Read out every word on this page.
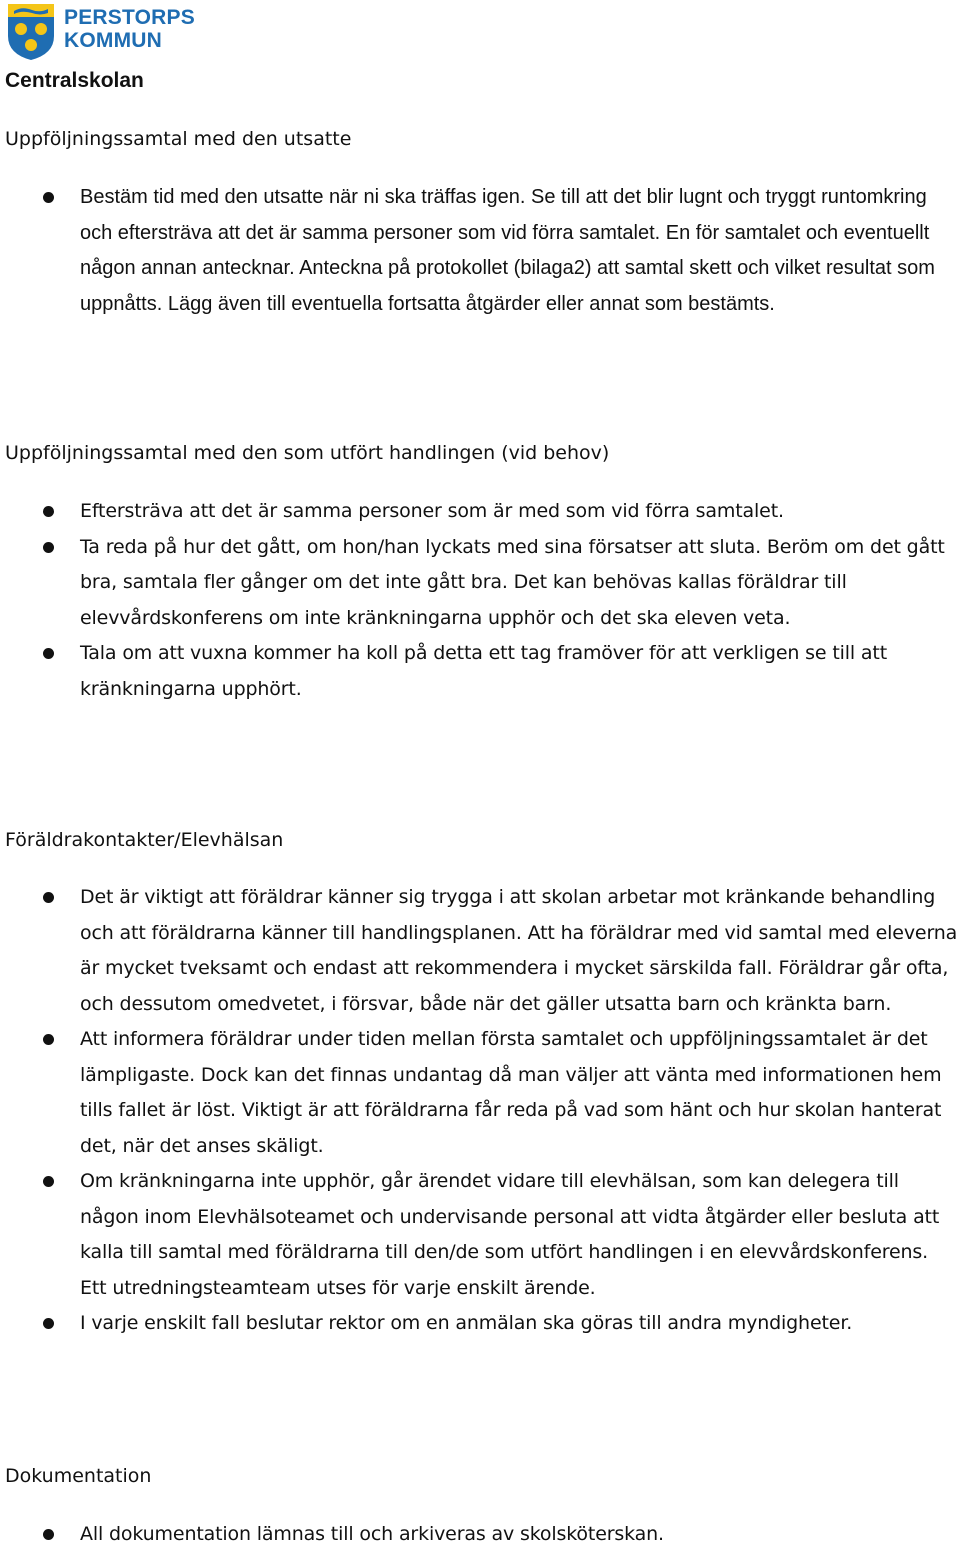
PERSTORPS
KOMMUN
Centralskolan
Uppföljningssamtal med den utsatte
Bestäm tid med den utsatte när ni ska träffas igen. Se till att det blir lugnt och tryggt runtomkring och eftersträva att det är samma personer som vid förra samtalet. En för samtalet och eventuellt någon annan antecknar. Anteckna på protokollet (bilaga2) att samtal skett och vilket resultat som uppnåtts. Lägg även till eventuella fortsatta åtgärder eller annat som bestämts.
Uppföljningssamtal med den som utfört handlingen (vid behov)
Eftersträva att det är samma personer som är med som vid förra samtalet.
Ta reda på hur det gått, om hon/han lyckats med sina försatser att sluta. Beröm om det gått bra, samtala fler gånger om det inte gått bra. Det kan behövas kallas föräldrar till elevvårdskonferens om inte kränkningarna upphör och det ska eleven veta.
Tala om att vuxna kommer ha koll på detta ett tag framöver för att verkligen se till att kränkningarna upphört.
Föräldrakontakter/Elevhälsan
Det är viktigt att föräldrar känner sig trygga i att skolan arbetar mot kränkande behandling och att föräldrarna känner till handlingsplanen. Att ha föräldrar med vid samtal med eleverna är mycket tveksamt och endast att rekommendera i mycket särskilda fall. Föräldrar går ofta, och dessutom omedvetet, i försvar, både när det gäller utsatta barn och kränkta barn.
Att informera föräldrar under tiden mellan första samtalet och uppföljningssamtalet är det lämpligaste. Dock kan det finnas undantag då man väljer att vänta med informationen hem tills fallet är löst. Viktigt är att föräldrarna får reda på vad som hänt och hur skolan hanterat det, när det anses skäligt.
Om kränkningarna inte upphör, går ärendet vidare till elevhälsan, som kan delegera till någon inom Elevhälsoteamet och undervisande personal att vidta åtgärder eller besluta att kalla till samtal med föräldrarna till den/de som utfört handlingen i en elevvårdskonferens. Ett utredningsteamteam utses för varje enskilt ärende.
I varje enskilt fall beslutar rektor om en anmälan ska göras till andra myndigheter.
Dokumentation
All dokumentation lämnas till och arkiveras av skolsköterskan.
